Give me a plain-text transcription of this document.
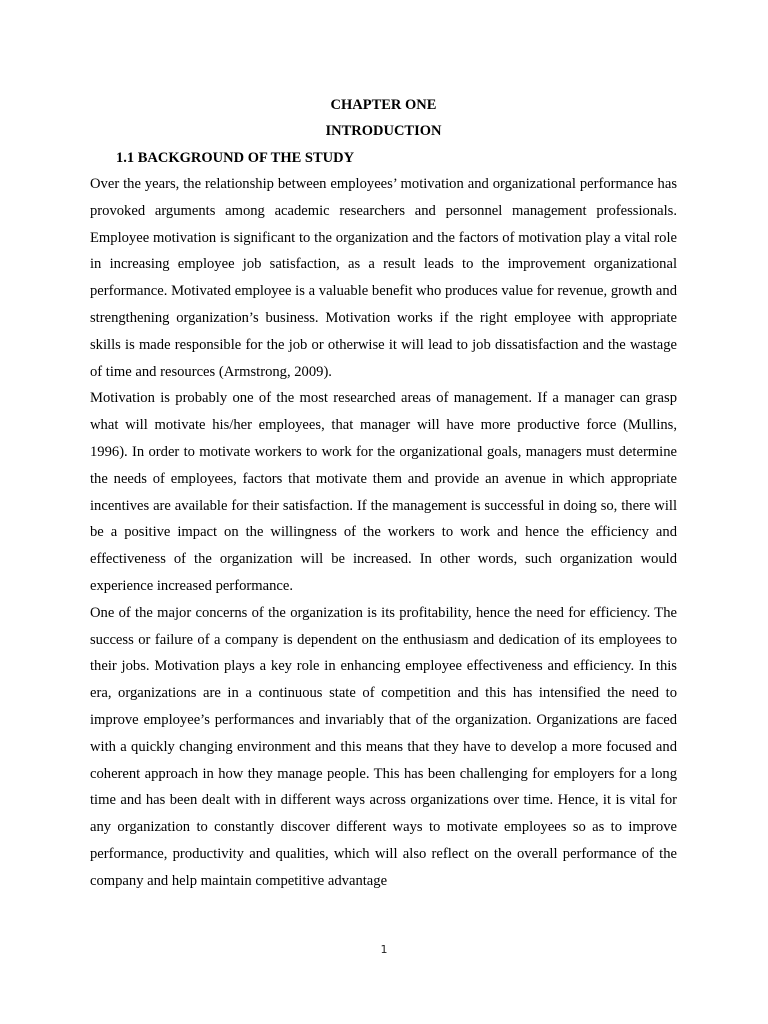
CHAPTER ONE

INTRODUCTION

1.1 BACKGROUND OF THE STUDY

Over the years, the relationship between employees’ motivation and organizational performance has provoked arguments among academic researchers and personnel management professionals. Employee motivation is significant to the organization and the factors of motivation play a vital role in increasing employee job satisfaction, as a result leads to the improvement organizational performance. Motivated employee is a valuable benefit who produces value for revenue, growth and strengthening organization’s business. Motivation works if the right employee with appropriate skills is made responsible for the job or otherwise it will lead to job dissatisfaction and the wastage of time and resources (Armstrong, 2009).

Motivation is probably one of the most researched areas of management. If a manager can grasp what will motivate his/her employees, that manager will have more productive force (Mullins, 1996). In order to motivate workers to work for the organizational goals, managers must determine the needs of employees, factors that motivate them and provide an avenue in which appropriate incentives are available for their satisfaction. If the management is successful in doing so, there will be a positive impact on the willingness of the workers to work and hence the efficiency and effectiveness of the organization will be increased. In other words, such organization would experience increased performance.

One of the major concerns of the organization is its profitability, hence the need for efficiency. The success or failure of a company is dependent on the enthusiasm and dedication of its employees to their jobs. Motivation plays a key role in enhancing employee effectiveness and efficiency. In this era, organizations are in a continuous state of competition and this has intensified the need to improve employee’s performances and invariably that of the organization. Organizations are faced with a quickly changing environment and this means that they have to develop a more focused and coherent approach in how they manage people. This has been challenging for employers for a long time and has been dealt with in different ways across organizations over time. Hence, it is vital for any organization to constantly discover different ways to motivate employees so as to improve performance, productivity and qualities, which will also reflect on the overall performance of the company and help maintain competitive advantage

1
